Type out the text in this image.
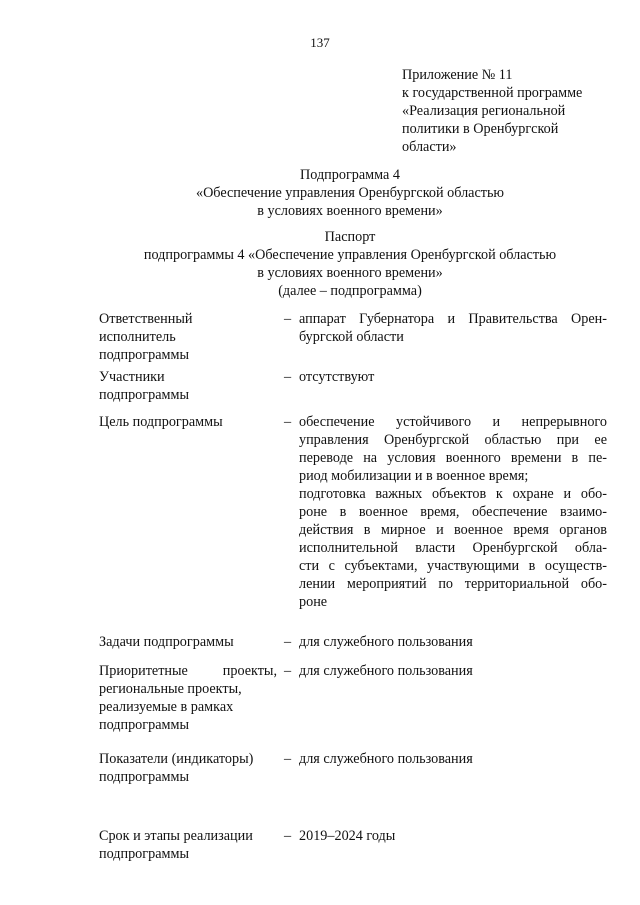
137
Приложение № 11
к государственной программе
«Реализация региональной
политики в Оренбургской
области»
Подпрограмма 4
«Обеспечение управления Оренбургской областью
в условиях военного времени»
Паспорт
подпрограммы 4 «Обеспечение управления Оренбургской областью
в условиях военного времени»
(далее – подпрограмма)
Ответственный
исполнитель
подпрограммы
– аппарат Губернатора и Правительства Орен-
бургской области
Участники
подпрограммы
– отсутствуют
Цель подпрограммы	– обеспечение устойчивого и непрерывного
управления Оренбургской областью при ее
переводе на условия военного времени в пе-
риод мобилизации и в военное время;
подготовка важных объектов к охране и обо-
роне в военное время, обеспечение взаимо-
действия в мирное и военное время органов
исполнительной власти Оренбургской обла-
сти с субъектами, участвующими в осуществ-
лении мероприятий по территориальной обо-
роне
Задачи подпрограммы	– для служебного пользования
Приоритетные проекты,
региональные проекты,
реализуемые в рамках
подпрограммы
– для служебного пользования
Показатели (индикаторы)
подпрограммы
– для служебного пользования
Срок и этапы реализации
подпрограммы
– 2019–2024 годы
